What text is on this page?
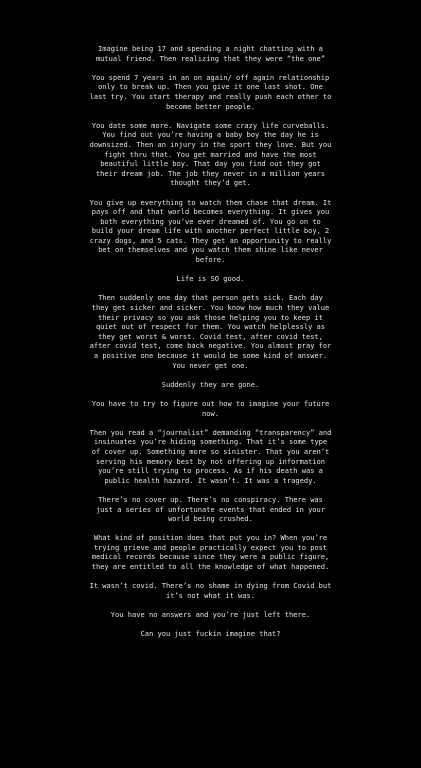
Imagine being 17 and spending a night chatting with a mutual friend. Then realizing that they were “the one”

You spend 7 years in an on again/ off again relationship only to break up. Then you give it one last shot. One last try. You start therapy and really push each other to become better people.

You date some more. Navigate some crazy life curveballs. You find out you’re having a baby boy the day he is downsized. Then an injury in the sport they love. But you fight thru that. You get married and have the most beautiful little boy. That day you find out they got their dream job. The job they never in a million years thought they’d get.

You give up everything to watch them chase that dream. It pays off and that world becomes everything. It gives you both everything you’ve ever dreamed of. You go on to build your dream life with another perfect little boy, 2 crazy dogs, and 5 cats. They get an opportunity to really bet on themselves and you watch them shine like never before.

Life is SO good.

Then suddenly one day that person gets sick. Each day they get sicker and sicker. You know how much they value their privacy so you ask those helping you to keep it quiet out of respect for them. You watch helplessly as they get worst & worst. Covid test, after covid test, after covid test, come back negative. You almost pray for a positive one because it would be some kind of answer. You never get one.

Suddenly they are gone.

You have to try to figure out how to imagine your future now.

Then you read a “journalist” demanding “transparency” and insinuates you’re hiding something. That it’s some type of cover up. Something more so sinister. That you aren’t serving his memory best by not offering up information you’re still trying to process. As if his death was a public health hazard. It wasn’t. It was a tragedy.

There’s no cover up. There’s no conspiracy. There was just a series of unfortunate events that ended in your world being crushed.

What kind of position does that put you in? When you’re trying grieve and people practically expect you to post medical records because since they were a public figure, they are entitled to all the knowledge of what happened.

It wasn’t covid. There’s no shame in dying from Covid but it’s not what it was.

You have no answers and you’re just left there.

Can you just fuckin imagine that?
